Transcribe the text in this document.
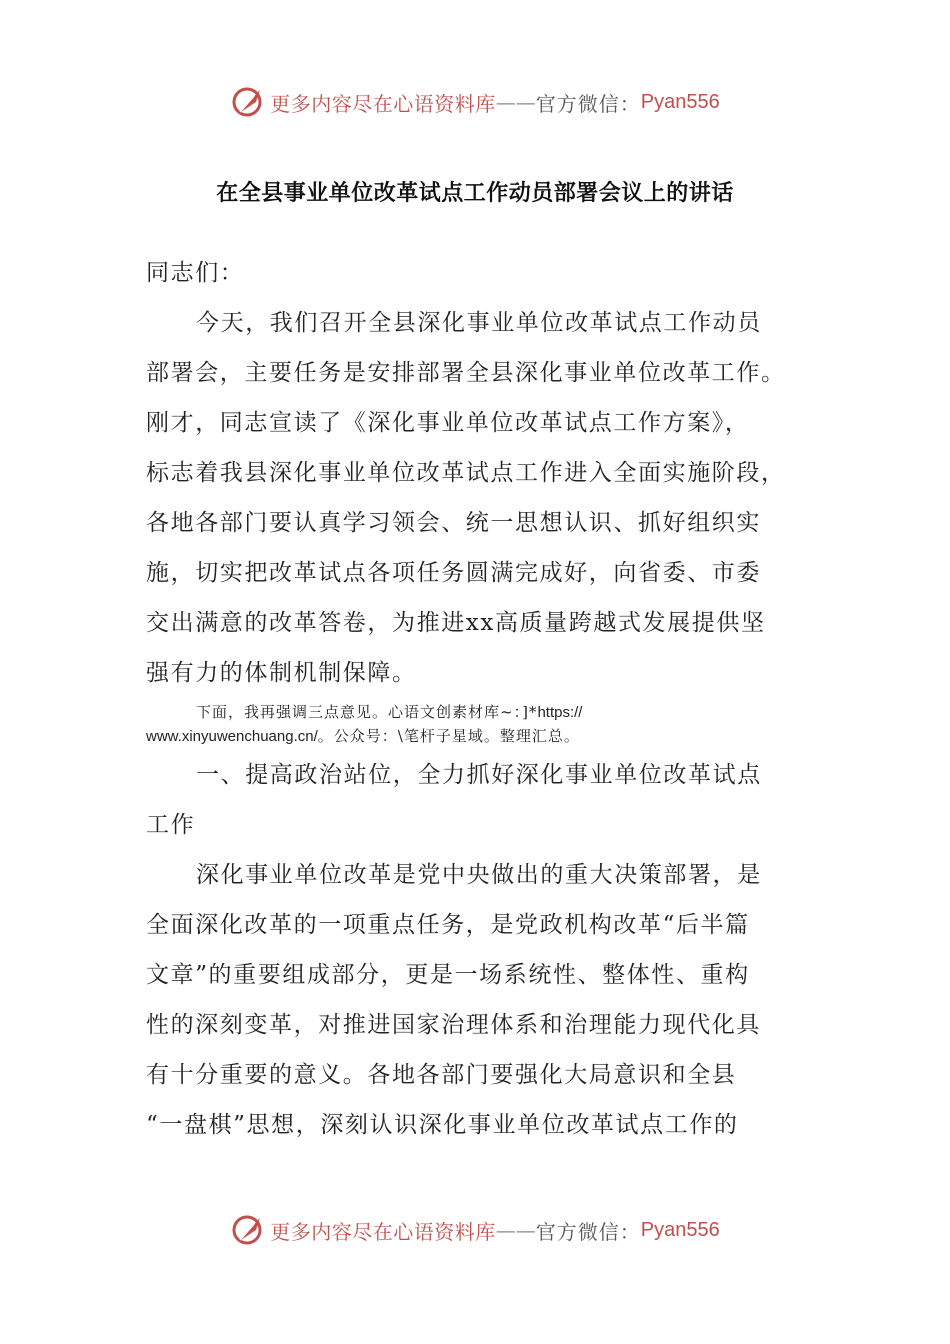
更多内容尽在心语资料库 —— 官方微信： Pyan556
在全县事业单位改革试点工作动员部署会议上的讲话
同志们：
今天，我们召开全县深化事业单位改革试点工作动员
部署会，主要任务是安排部署全县深化事业单位改革工作。
刚才，同志宣读了《深化事业单位改革试点工作方案》，
标志着我县深化事业单位改革试点工作进入全面实施阶段，
各地各部门要认真学习领会、统一思想认识、抓好组织实
施，切实把改革试点各项任务圆满完成好，向省委、市委
交出满意的改革答卷，为推进xx高质量跨越式发展提供坚
强有力的体制机制保障。
下面，我再强调三点意见。心语文创素材库~：]*https://
www.xinyuwenchuang.cn/。公众号：\笔杆子星域。整理汇总。
一、提高政治站位，全力抓好深化事业单位改革试点
工作
深化事业单位改革是党中央做出的重大决策部署，是
全面深化改革的一项重点任务，是党政机构改革“后半篇
文章”的重要组成部分，更是一场系统性、整体性、重构
性的深刻变革，对推进国家治理体系和治理能力现代化具
有十分重要的意义。各地各部门要强化大局意识和全县
“一盘棋”思想，深刻认识深化事业单位改革试点工作的
更多内容尽在心语资料库 —— 官方微信： Pyan556
